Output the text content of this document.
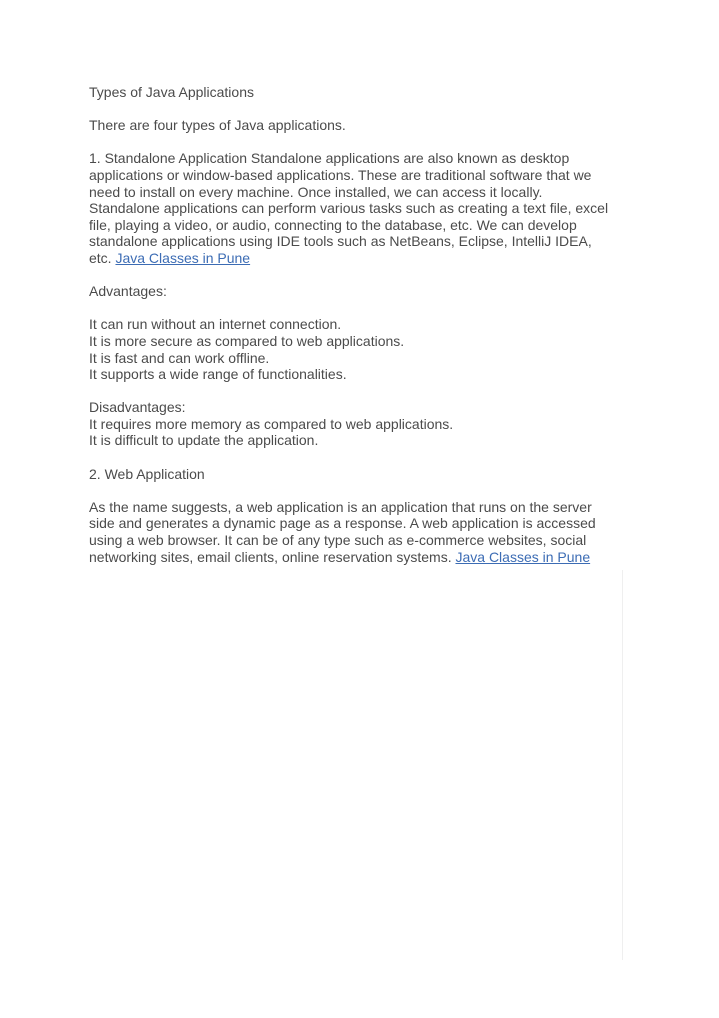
Types of Java Applications
There are four types of Java applications.
1. Standalone Application Standalone applications are also known as desktop
applications or window-based applications. These are traditional software that we
need to install on every machine. Once installed, we can access it locally.
Standalone applications can perform various tasks such as creating a text file, excel
file, playing a video, or audio, connecting to the database, etc. We can develop
standalone applications using IDE tools such as NetBeans, Eclipse, IntelliJ IDEA,
etc. Java Classes in Pune
Advantages:
It can run without an internet connection.
It is more secure as compared to web applications.
It is fast and can work offline.
It supports a wide range of functionalities.
Disadvantages:
It requires more memory as compared to web applications.
It is difficult to update the application.
2. Web Application
As the name suggests, a web application is an application that runs on the server
side and generates a dynamic page as a response. A web application is accessed
using a web browser. It can be of any type such as e-commerce websites, social
networking sites, email clients, online reservation systems. Java Classes in Pune
